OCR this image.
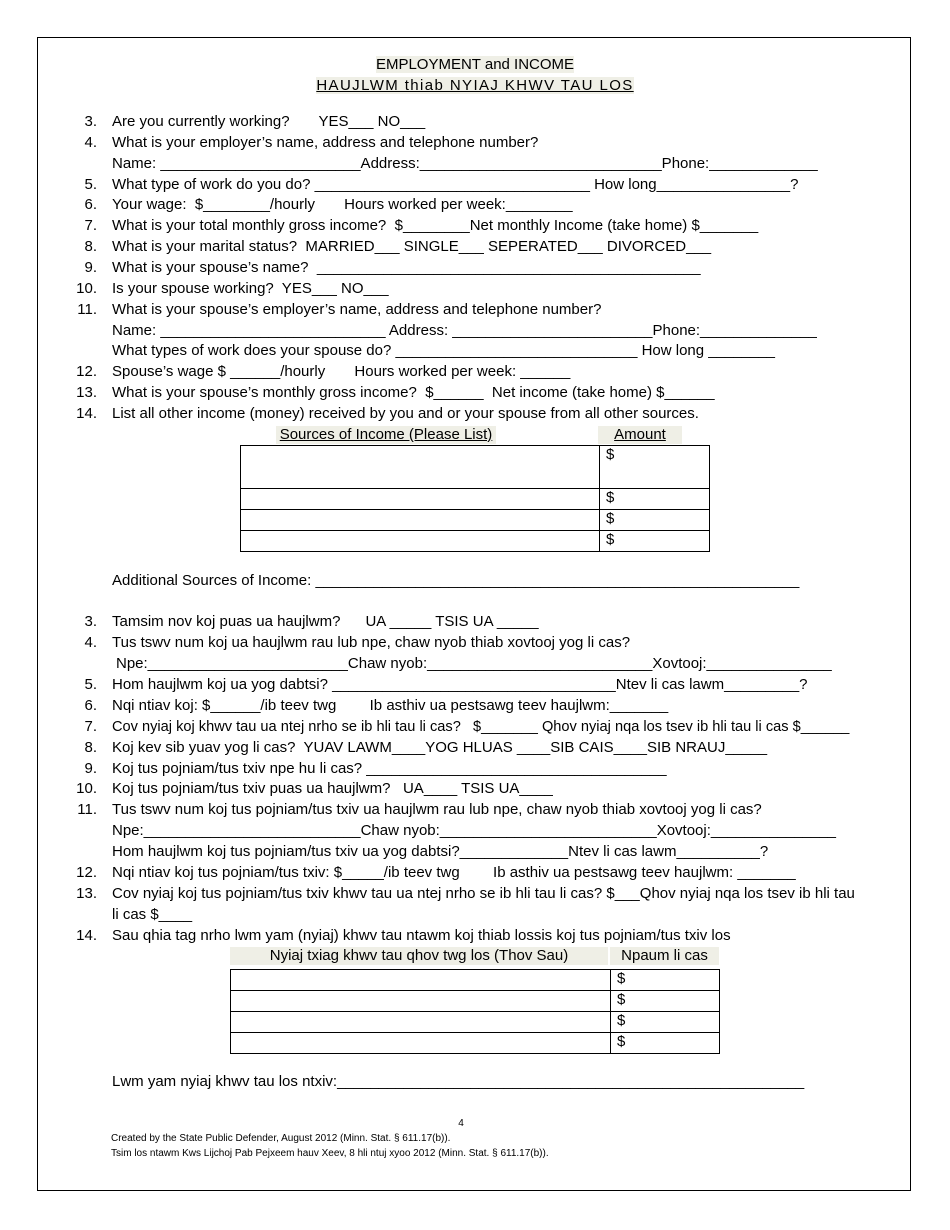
EMPLOYMENT and INCOME
HAUJLWM thiab NYIAJ KHWV TAU LOS
3. Are you currently working?       YES___ NO___
4. What is your employer’s name, address and telephone number?
Name: ________________________Address:_____________________________Phone:_____________
5. What type of work do you do? _________________________________ How long________________?
6. Your wage:  $________/hourly       Hours worked per week:________
7. What is your total monthly gross income?  $________Net monthly Income (take home) $_______
8. What is your marital status?  MARRIED___ SINGLE___ SEPERATED___ DIVORCED___
9. What is your spouse’s name?  ______________________________________________
10. Is your spouse working?  YES___ NO___
11. What is your spouse’s employer’s name, address and telephone number?
Name: ___________________________ Address: ________________________Phone:______________
What types of work does your spouse do? _____________________________ How long ________
12. Spouse’s wage $ ______/hourly       Hours worked per week: ______
13. What is your spouse’s monthly gross income?  $______  Net income (take home) $______
14. List all other income (money) received by you and or your spouse from all other sources.
Sources of Income (Please List)	Amount
	$
	$
	$
	$
Additional Sources of Income: __________________________________________________________
3. Tamsim nov koj puas ua haujlwm?      UA _____ TSIS UA _____
4. Tus tswv num koj ua haujlwm rau lub npe, chaw nyob thiab xovtooj yog li cas?
Npe:________________________Chaw nyob:___________________________Xovtooj:_______________
5. Hom haujlwm koj ua yog dabtsi? __________________________________Ntev li cas lawm_________?
6. Nqi ntiav koj: $______/ib teev twg        Ib asthiv ua pestsawg teev haujlwm:_______
7. Cov nyiaj koj khwv tau ua ntej nrho se ib hli tau li cas?   $_______ Qhov nyiaj nqa los tsev ib hli tau li cas $______
8. Koj kev sib yuav yog li cas?  YUAV LAWM____YOG HLUAS ____SIB CAIS____SIB NRAUJ_____
9. Koj tus pojniam/tus txiv npe hu li cas? ____________________________________
10. Koj tus pojniam/tus txiv puas ua haujlwm?   UA____ TSIS UA____
11. Tus tswv num koj tus pojniam/tus txiv ua haujlwm rau lub npe, chaw nyob thiab xovtooj yog li cas?
Npe:__________________________Chaw nyob:__________________________Xovtooj:_______________
Hom haujlwm koj tus pojniam/tus txiv ua yog dabtsi?_____________Ntev li cas lawm__________?
12. Nqi ntiav koj tus pojniam/tus txiv: $_____/ib teev twg        Ib asthiv ua pestsawg teev haujlwm: _______
13. Cov nyiaj koj tus pojniam/tus txiv khwv tau ua ntej nrho se ib hli tau li cas? $___Qhov nyiaj nqa los tsev ib hli tau
li cas $____
14. Sau qhia tag nrho lwm yam (nyiaj) khwv tau ntawm koj thiab lossis koj tus pojniam/tus txiv los
Nyiaj txiag khwv tau qhov twg los (Thov Sau)	Npaum li cas
	$
	$
	$
	$
Lwm yam nyiaj khwv tau los ntxiv:________________________________________________________
4
Created by the State Public Defender, August 2012 (Minn. Stat. § 611.17(b)).
Tsim los ntawm Kws Lijchoj Pab Pejxeem hauv Xeev, 8 hli ntuj xyoo 2012 (Minn. Stat. § 611.17(b)).
